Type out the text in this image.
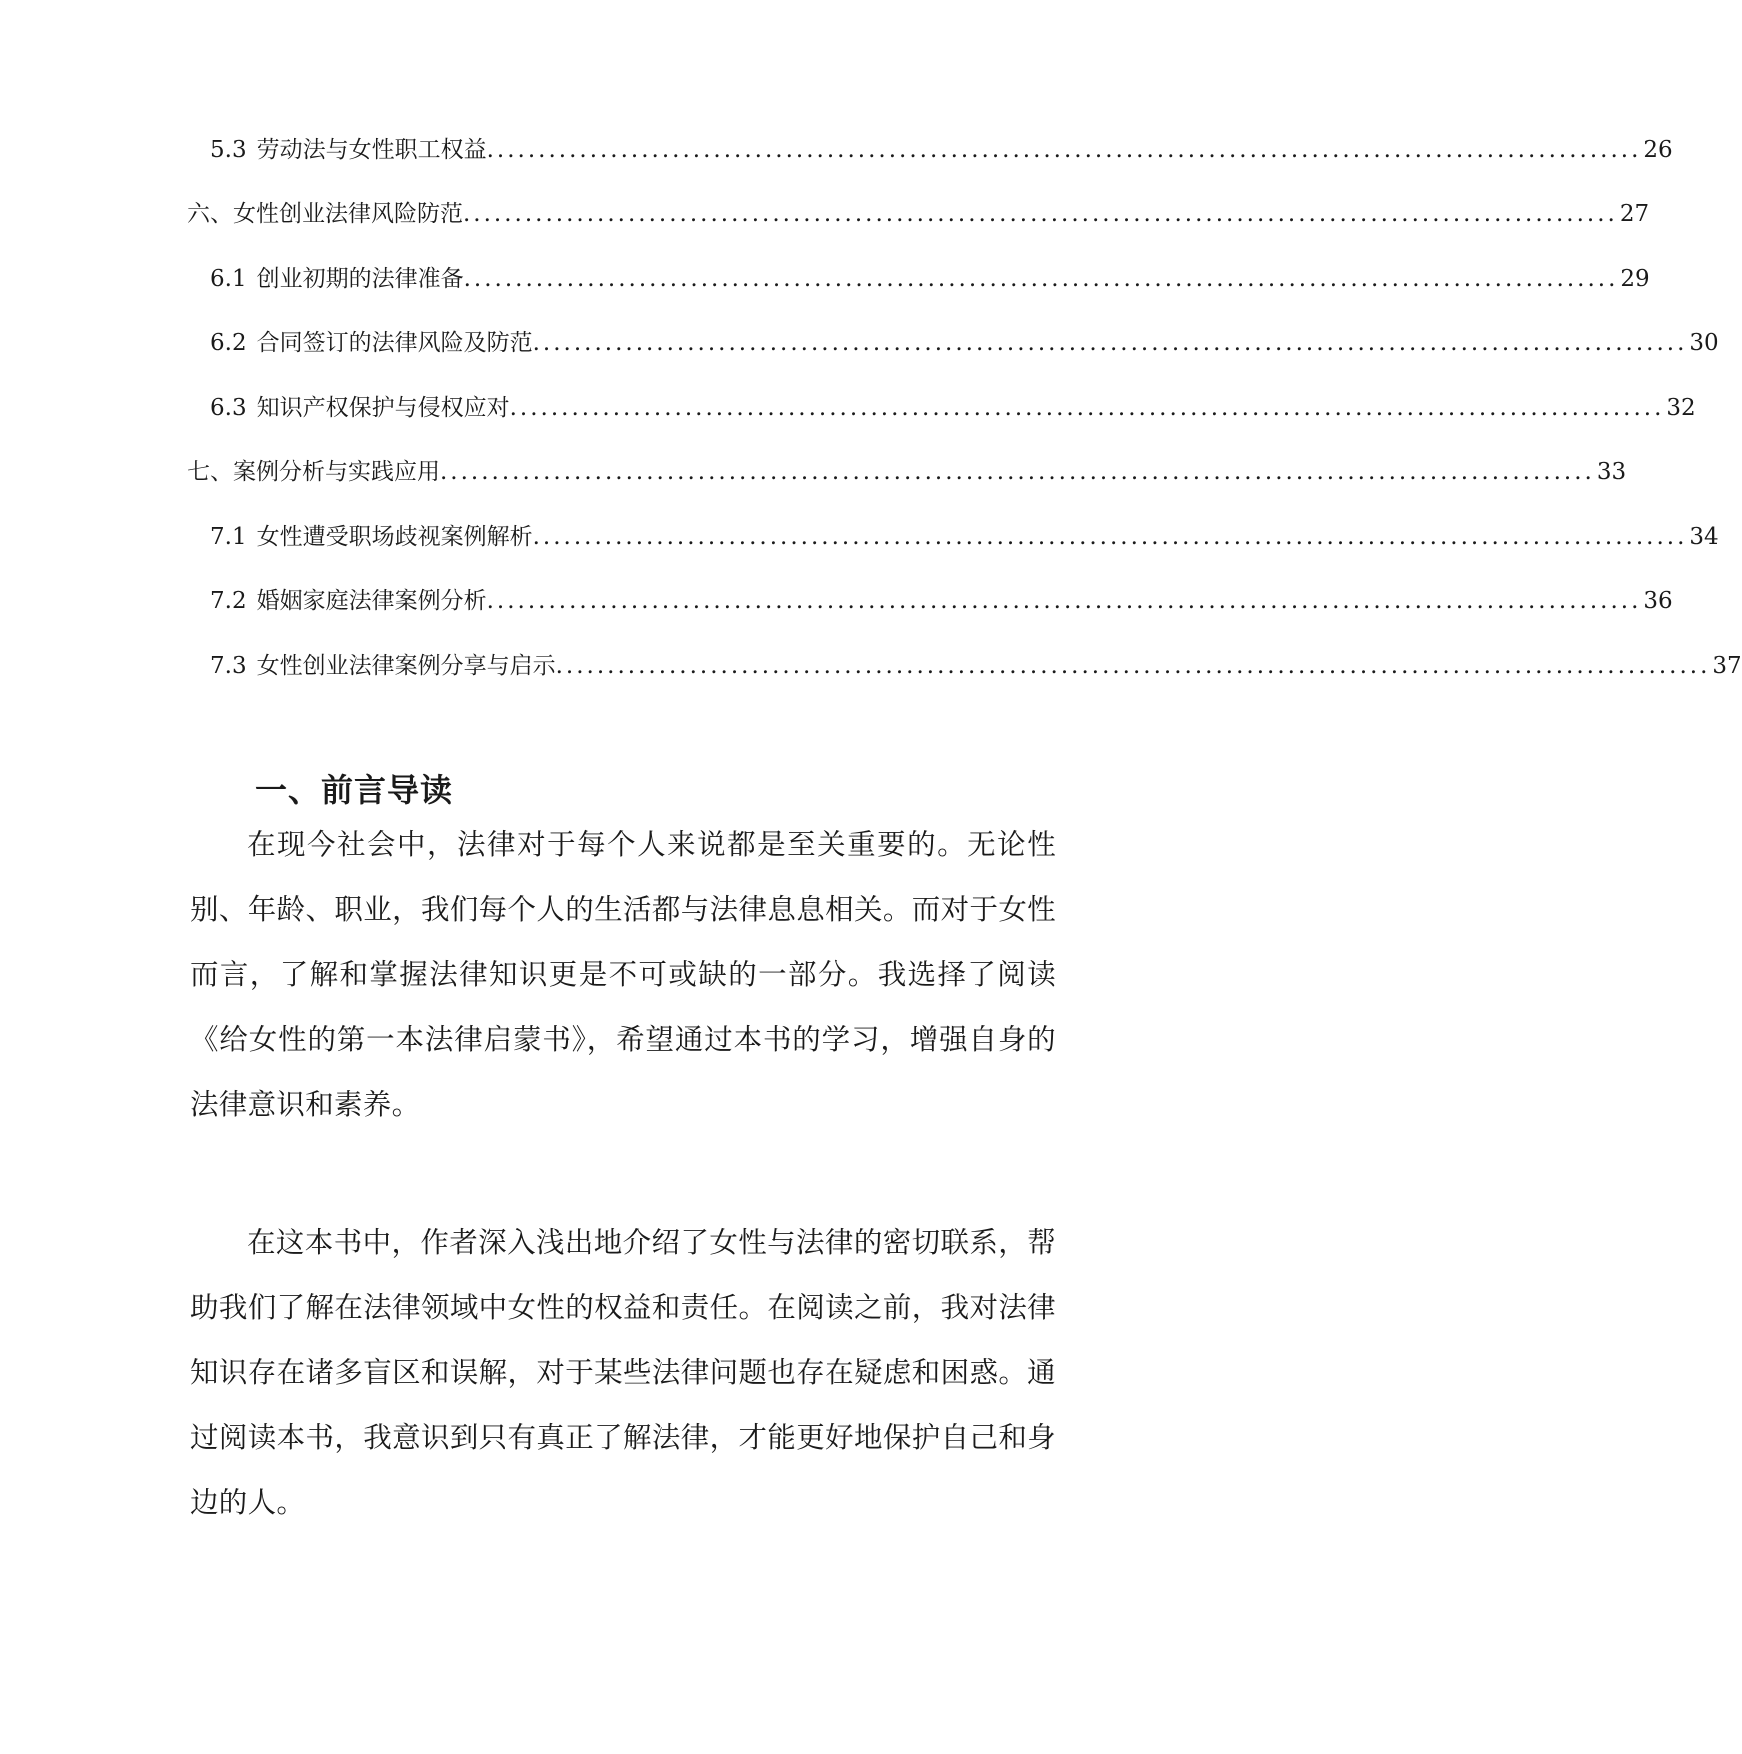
5.3 劳动法与女性职工权益 ................................................................................................................ 26
六、女性创业法律风险防范 ................................................................................................................ 27
6.1 创业初期的法律准备 ................................................................................................................ 29
6.2 合同签订的法律风险及防范 ................................................................................................................ 30
6.3 知识产权保护与侵权应对 ................................................................................................................ 32
七、案例分析与实践应用 ................................................................................................................ 33
7.1 女性遭受职场歧视案例解析 ................................................................................................................ 34
7.2 婚姻家庭法律案例分析 ................................................................................................................ 36
7.3 女性创业法律案例分享与启示 ................................................................................................................ 37
一、前言导读

在现今社会中，法律对于每个人来说都是至关重要的。无论性别、年龄、职业，我们每个人的生活都与法律息息相关。而对于女性而言，了解和掌握法律知识更是不可或缺的一部分。我选择了阅读《给女性的第一本法律启蒙书》，希望通过本书的学习，增强自身的法律意识和素养。

在这本书中，作者深入浅出地介绍了女性与法律的密切联系，帮助我们了解在法律领域中女性的权益和责任。在阅读之前，我对法律知识存在诸多盲区和误解，对于某些法律问题也存在疑虑和困惑。通过阅读本书，我意识到只有真正了解法律，才能更好地保护自己和身边的人。
